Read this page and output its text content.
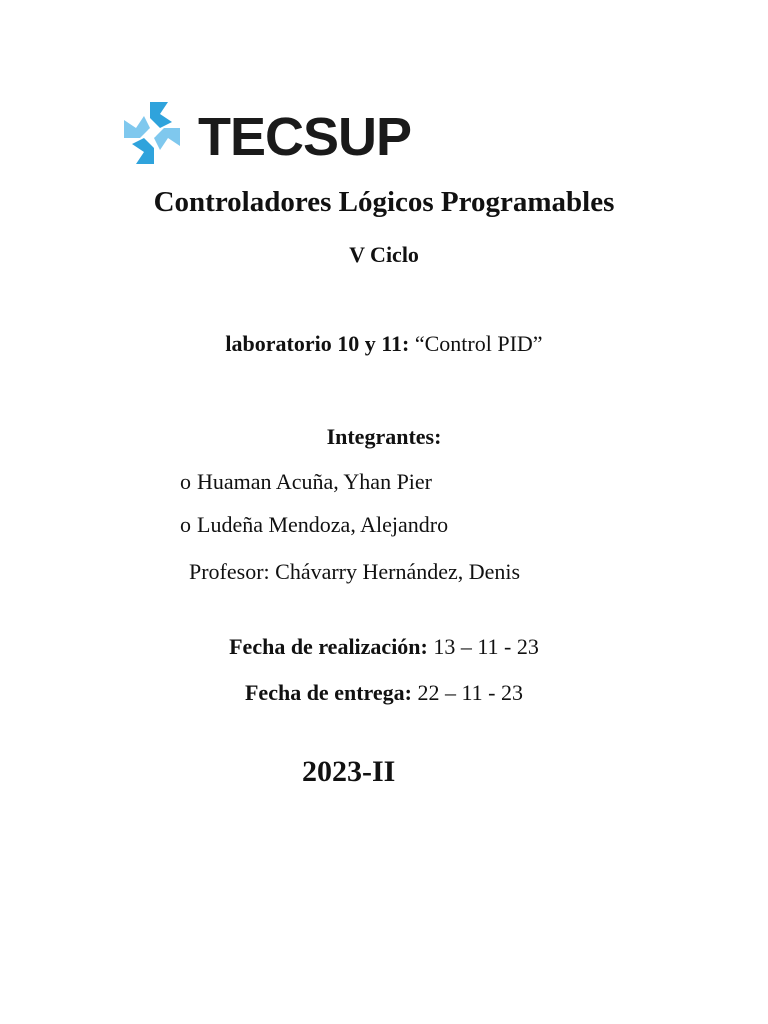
TECSUP
Controladores Lógicos Programables
V Ciclo
laboratorio 10 y 11: “Control PID”
Integrantes:
o Huaman Acuña, Yhan Pier
o Ludeña Mendoza, Alejandro
Profesor: Chávarry Hernández, Denis
Fecha de realización: 13 – 11 - 23
Fecha de entrega: 22 – 11 - 23
2023-II
